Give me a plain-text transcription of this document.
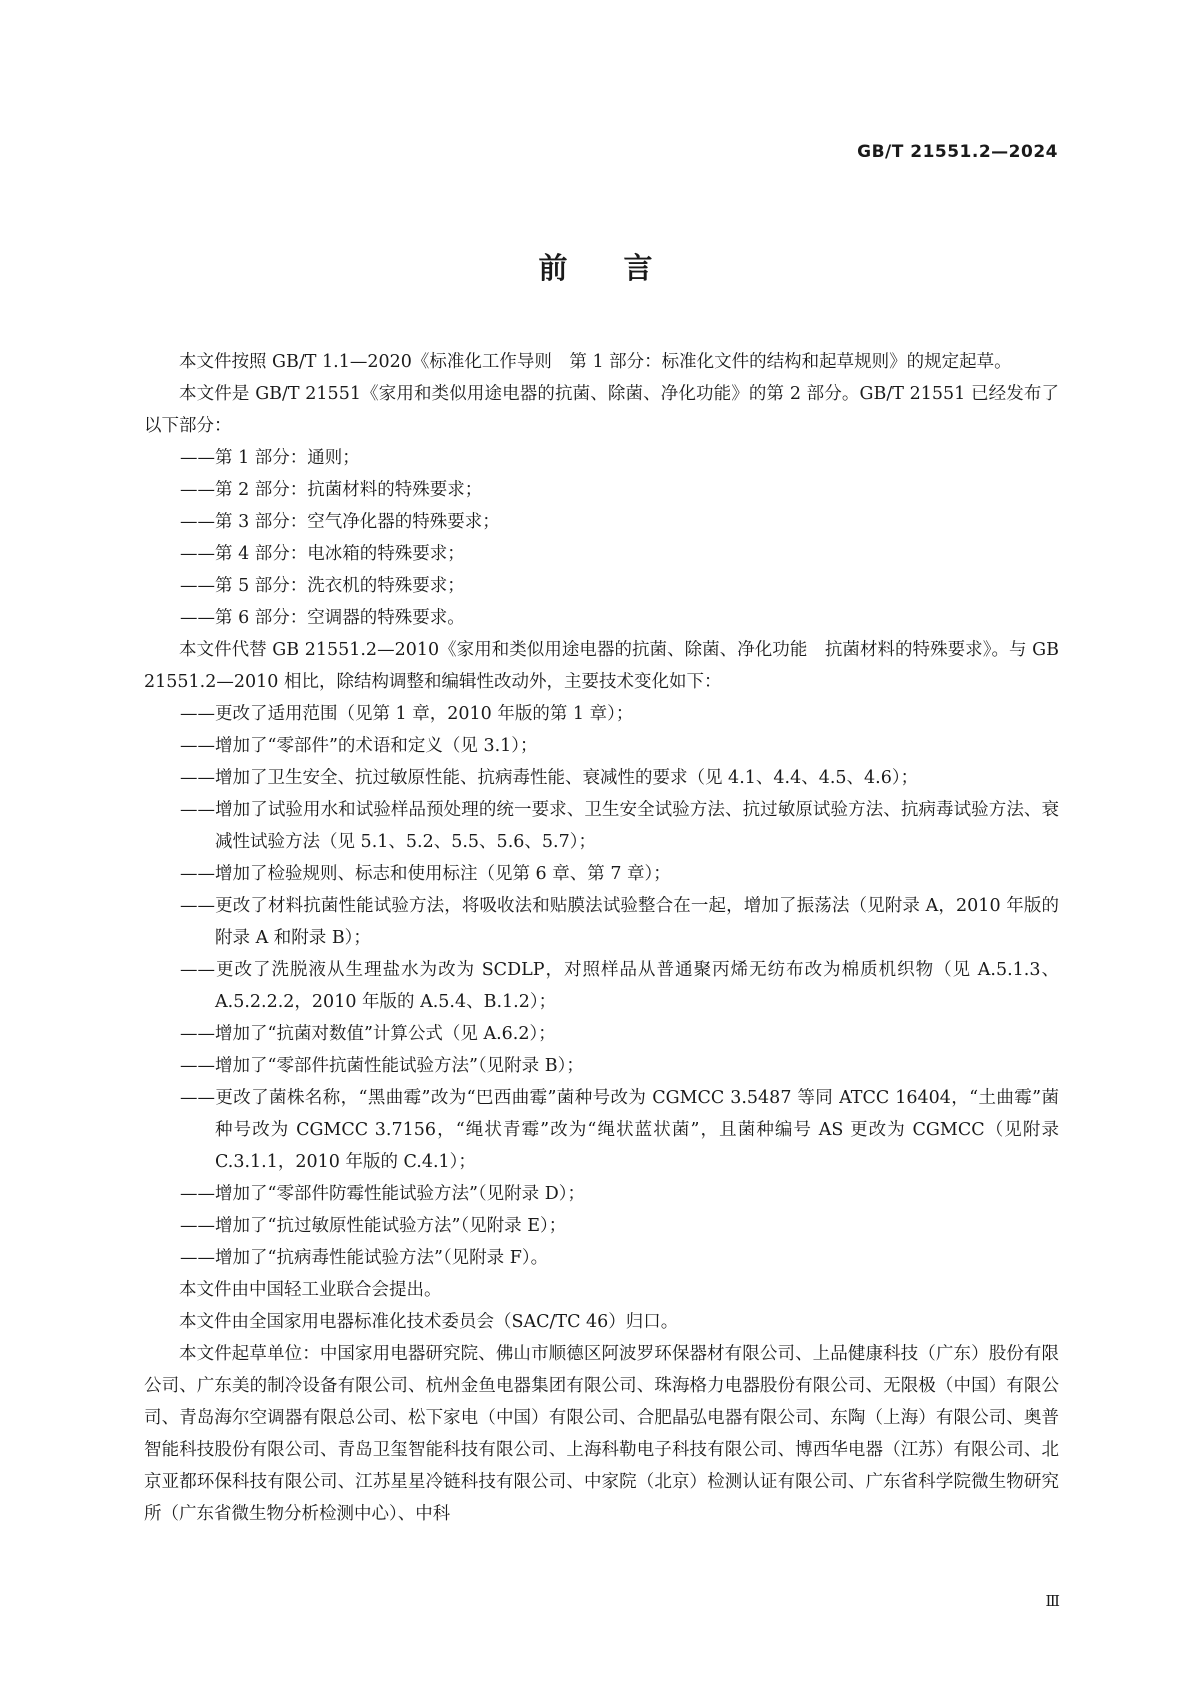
GB/T 21551.2—2024
前言

本文件按照 GB/T 1.1—2020《标准化工作导则　第 1 部分：标准化文件的结构和起草规则》的规定起草。

本文件是 GB/T 21551《家用和类似用途电器的抗菌、除菌、净化功能》的第 2 部分。GB/T 21551 已经发布了以下部分：

——第 1 部分：通则；

——第 2 部分：抗菌材料的特殊要求；

——第 3 部分：空气净化器的特殊要求；

——第 4 部分：电冰箱的特殊要求；

——第 5 部分：洗衣机的特殊要求；

——第 6 部分：空调器的特殊要求。

本文件代替 GB 21551.2—2010《家用和类似用途电器的抗菌、除菌、净化功能　抗菌材料的特殊要求》。与 GB 21551.2—2010 相比，除结构调整和编辑性改动外，主要技术变化如下：

——更改了适用范围（见第 1 章，2010 年版的第 1 章）；

——增加了“零部件”的术语和定义（见 3.1）；

——增加了卫生安全、抗过敏原性能、抗病毒性能、衰减性的要求（见 4.1、4.4、4.5、4.6）；

——增加了试验用水和试验样品预处理的统一要求、卫生安全试验方法、抗过敏原试验方法、抗病毒试验方法、衰减性试验方法（见 5.1、5.2、5.5、5.6、5.7）；

——增加了检验规则、标志和使用标注（见第 6 章、第 7 章）；

——更改了材料抗菌性能试验方法，将吸收法和贴膜法试验整合在一起，增加了振荡法（见附录 A，2010 年版的附录 A 和附录 B）；

——更改了洗脱液从生理盐水为改为 SCDLP，对照样品从普通聚丙烯无纺布改为棉质机织物（见 A.5.1.3、A.5.2.2.2，2010 年版的 A.5.4、B.1.2）；

——增加了“抗菌对数值”计算公式（见 A.6.2）；

——增加了“零部件抗菌性能试验方法”（见附录 B）；

——更改了菌株名称，“黑曲霉”改为“巴西曲霉”菌种号改为 CGMCC 3.5487 等同 ATCC 16404，“土曲霉”菌种号改为 CGMCC 3.7156，“绳状青霉”改为“绳状蓝状菌”，且菌种编号 AS 更改为 CGMCC（见附录 C.3.1.1，2010 年版的 C.4.1）；

——增加了“零部件防霉性能试验方法”（见附录 D）；

——增加了“抗过敏原性能试验方法”（见附录 E）；

——增加了“抗病毒性能试验方法”（见附录 F）。

本文件由中国轻工业联合会提出。

本文件由全国家用电器标准化技术委员会（SAC/TC 46）归口。

本文件起草单位：中国家用电器研究院、佛山市顺德区阿波罗环保器材有限公司、上品健康科技（广东）股份有限公司、广东美的制冷设备有限公司、杭州金鱼电器集团有限公司、珠海格力电器股份有限公司、无限极（中国）有限公司、青岛海尔空调器有限总公司、松下家电（中国）有限公司、合肥晶弘电器有限公司、东陶（上海）有限公司、奥普智能科技股份有限公司、青岛卫玺智能科技有限公司、上海科勒电子科技有限公司、博西华电器（江苏）有限公司、北京亚都环保科技有限公司、江苏星星冷链科技有限公司、中家院（北京）检测认证有限公司、广东省科学院微生物研究所（广东省微生物分析检测中心）、中科

Ⅲ
